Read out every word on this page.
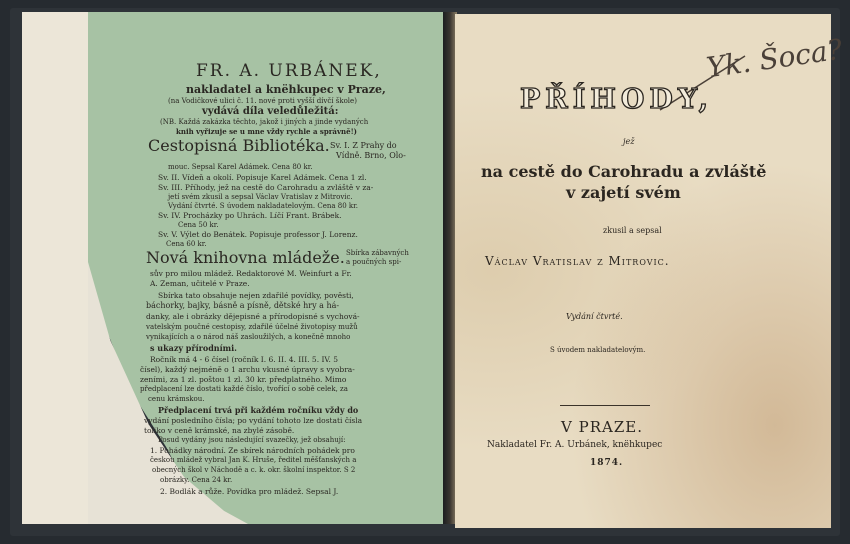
FR. A. URBÁNEK,
nakladatel a knëhkupec v Praze,
(na Vodičkové ulici č. 11. nové proti vyšší dívčí škole)
vydává díla veledůležitá:
(NB. Každá zakázka těchto, jakož i jiných a jinde vydaných
knih vyřizuje se u mne vždy rychle a správně!)
Cestopisná Bibliotéka. Sv. I. Z Prahy do
Vídně. Brno, Olo-
mouc. Sepsal Karel Adámek. Cena 80 kr.
Sv. II. Vídeň a okolí. Popisuje Karel Adámek. Cena 1 zl.
Sv. III. Příhody, jež na cestě do Carohradu a zvláště v za-
jetí svém zkusil a sepsal Václav Vratislav z Mitrovic.
Vydání čtvrté. S úvodem nakladatelovým. Cena 80 kr.
Sv. IV. Procházky po Uhrách. Líčí Frant. Brábek.
Cena 50 kr.
Sv. V. Výlet do Benátek. Popisuje professor J. Lorenz.
Cena 60 kr.
Nová knihovna mládeže. Sbírka zábavných
a poučných spi-
sův pro milou mládež. Redaktorové M. Weinfurt a Fr.
A. Zeman, učitelé v Praze.
Sbírka tato obsahuje nejen zdařilé povídky, pověsti,
báchorky, bajky, básně a písně, dětské hry a há-
danky, ale i obrázky dějepisné a přírodopisné s vychová-
vatelským poučné cestopisy, zdařilé účelné životopisy mužů
vynikajících a o národ náš zasloužilých, a konečně mnoho
s ukazy přírodními.
Ročník má 4 - 6 čísel (ročník I. 6. II. 4. III. 5. IV. 5
čísel), každý nejméně o 1 archu vkusné úpravy s vyobra-
zeními, za 1 zl. poštou 1 zl. 30 kr. předplatného. Mimo
předplacení lze dostati každé číslo, tvořící o sobě celek, za
cenu krámskou.
Předplacení trvá při každém ročníku vždy do
vydání posledního čísla; po vydání tohoto lze dostati čísla
toliko v ceně krámské, na zbylé zásobě.
Posud vydány jsou následující svazečky, jež obsahují:
1. Pohádky národní. Ze sbírek národních pohádek pro
českou mládež vybral Jan K. Hruše, ředitel měšťanských a
obecných škol v Náchodě a c. k. okr. školní inspektor. S 2
obrázky. Cena 24 kr.
2. Bodlák a růže. Povídka pro mládež. Sepsal J.
Yk. Šoca?
PŘÍHODY,
jež
na cestě do Carohradu a zvláště
v zajetí svém
zkusil a sepsal
Václav Vratislav z Mitrovic.
Vydání čtvrté.
S úvodem nakladatelovým.
V PRAZE.
Nakladatel Fr. A. Urbánek, knëhkupec
1874.
